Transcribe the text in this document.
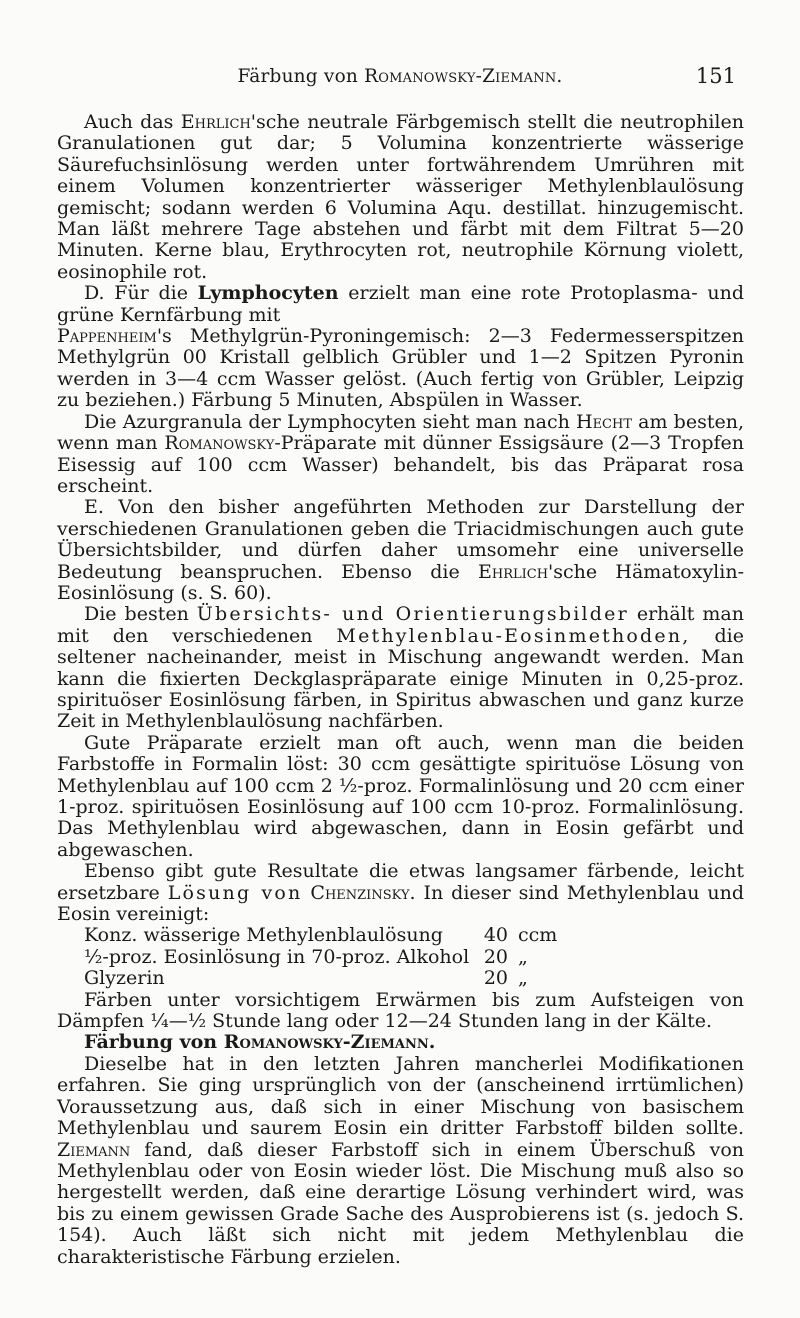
Färbung von Romanowsky-Ziemann.	151

Auch das Ehrlich'sche neutrale Färbgemisch stellt die neutrophilen Granulationen gut dar; 5 Volumina konzentrierte wässerige Säurefuchsinlösung werden unter fortwährendem Umrühren mit einem Volumen konzentrierter wässeriger Methylenblaulösung gemischt; sodann werden 6 Volumina Aqu. destillat. hinzugemischt. Man läßt mehrere Tage abstehen und färbt mit dem Filtrat 5—20 Minuten. Kerne blau, Erythrocyten rot, neutrophile Körnung violett, eosinophile rot.

D. Für die Lymphocyten erzielt man eine rote Protoplasma- und grüne Kernfärbung mit

Pappenheim's Methylgrün-Pyroningemisch: 2—3 Federmesserspitzen Methylgrün 00 Kristall gelblich Grübler und 1—2 Spitzen Pyronin werden in 3—4 ccm Wasser gelöst. (Auch fertig von Grübler, Leipzig zu beziehen.) Färbung 5 Minuten, Abspülen in Wasser.

Die Azurgranula der Lymphocyten sieht man nach Hecht am besten, wenn man Romanowsky-Präparate mit dünner Essigsäure (2—3 Tropfen Eisessig auf 100 ccm Wasser) behandelt, bis das Präparat rosa erscheint.

E. Von den bisher angeführten Methoden zur Darstellung der verschiedenen Granulationen geben die Triacidmischungen auch gute Übersichtsbilder, und dürfen daher umsomehr eine universelle Bedeutung beanspruchen. Ebenso die Ehrlich'sche Hämatoxylin-Eosinlösung (s. S. 60).

Die besten Übersichts- und Orientierungsbilder erhält man mit den verschiedenen Methylenblau-Eosinmethoden, die seltener nacheinander, meist in Mischung angewandt werden. Man kann die fixierten Deckglaspräparate einige Minuten in 0,25-proz. spirituöser Eosinlösung färben, in Spiritus abwaschen und ganz kurze Zeit in Methylenblaulösung nachfärben.

Gute Präparate erzielt man oft auch, wenn man die beiden Farbstoffe in Formalin löst: 30 ccm gesättigte spirituöse Lösung von Methylenblau auf 100 ccm 2 ½-proz. Formalinlösung und 20 ccm einer 1-proz. spirituösen Eosinlösung auf 100 ccm 10-proz. Formalinlösung. Das Methylenblau wird abgewaschen, dann in Eosin gefärbt und abgewaschen.

Ebenso gibt gute Resultate die etwas langsamer färbende, leicht ersetzbare Lösung von Chenzinsky. In dieser sind Methylenblau und Eosin vereinigt:

Konz. wässerige Methylenblaulösung	40 ccm
½-proz. Eosinlösung in 70-proz. Alkohol 20 „
Glyzerin	20 „

Färben unter vorsichtigem Erwärmen bis zum Aufsteigen von Dämpfen ¼—½ Stunde lang oder 12—24 Stunden lang in der Kälte.

Färbung von Romanowsky-Ziemann.

Dieselbe hat in den letzten Jahren mancherlei Modifikationen erfahren. Sie ging ursprünglich von der (anscheinend irrtümlichen) Voraussetzung aus, daß sich in einer Mischung von basischem Methylenblau und saurem Eosin ein dritter Farbstoff bilden sollte. Ziemann fand, daß dieser Farbstoff sich in einem Überschuß von Methylenblau oder von Eosin wieder löst. Die Mischung muß also so hergestellt werden, daß eine derartige Lösung verhindert wird, was bis zu einem gewissen Grade Sache des Ausprobierens ist (s. jedoch S. 154). Auch läßt sich nicht mit jedem Methylenblau die charakteristische Färbung erzielen.
